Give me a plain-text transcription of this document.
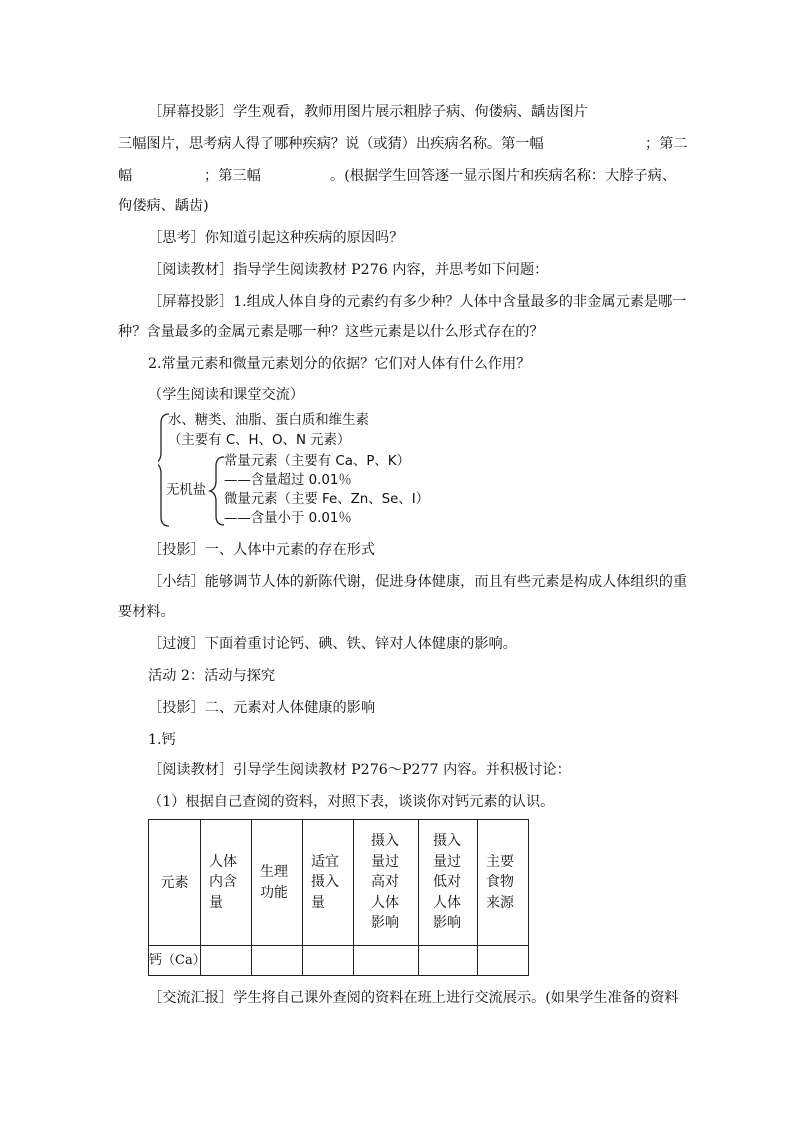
［屏幕投影］学生观看，教师用图片展示粗脖子病、佝偻病、龋齿图片
三幅图片，思考病人得了哪种疾病？说（或猜）出疾病名称。第一幅	；第二
幅	；第三幅	。(根据学生回答逐一显示图片和疾病名称：大脖子病、
佝偻病、龋齿)
［思考］你知道引起这种疾病的原因吗？
［阅读教材］指导学生阅读教材 P276 内容，并思考如下问题：
［屏幕投影］1.组成人体自身的元素约有多少种？人体中含量最多的非金属元素是哪一
种？含量最多的金属元素是哪一种？这些元素是以什么形式存在的？
2.常量元素和微量元素划分的依据？它们对人体有什么作用？
（学生阅读和课堂交流）
水、糖类、油脂、蛋白质和维生素
（主要有 C、H、O、N 元素）
无机盐
常量元素（主要有 Ca、P、K）
——含量超过 0.01％
微量元素（主要 Fe、Zn、Se、I）
——含量小于 0.01％
［投影］一、人体中元素的存在形式
［小结］能够调节人体的新陈代谢，促进身体健康，而且有些元素是构成人体组织的重
要材料。
［过渡］下面着重讨论钙、碘、铁、锌对人体健康的影响。
活动 2：活动与探究
［投影］二、元素对人体健康的影响
1.钙
［阅读教材］引导学生阅读教材 P276～P277 内容。并积极讨论：
（1）根据自己查阅的资料，对照下表，谈谈你对钙元素的认识。
元素	人体内含量	生理功能	适宜摄入量	摄入量过高对人体影响	摄入量过低对人体影响	主要食物来源
钙（Ca）						
［交流汇报］学生将自己课外查阅的资料在班上进行交流展示。(如果学生准备的资料
